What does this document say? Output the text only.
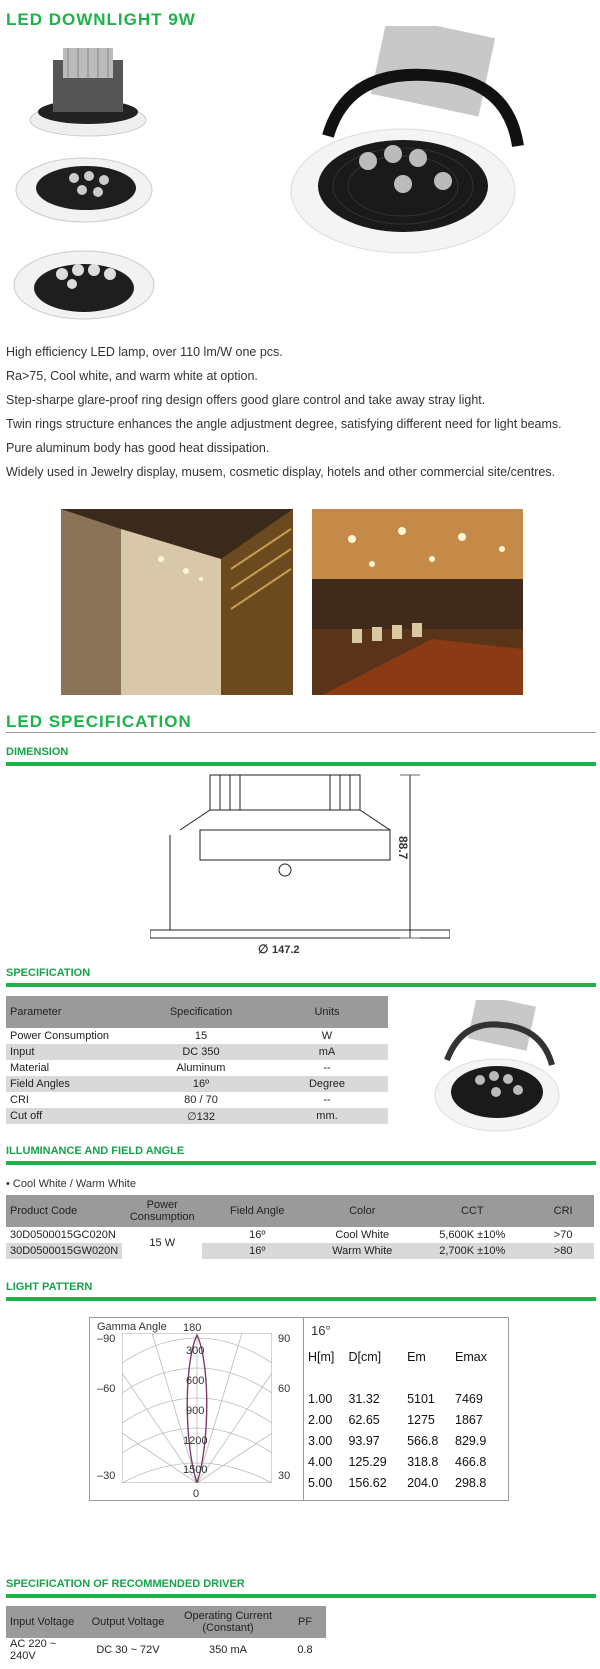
LED DOWNLIGHT 9W

High efficiency LED lamp, over 110 lm/W one pcs.

Ra>75, Cool white, and warm white at option.

Step-sharpe glare-proof ring design offers good glare control and take away stray light.

Twin rings structure enhances the angle adjustment degree, satisfying different need for light beams.

Pure aluminum body has good heat dissipation.

Widely used in Jewelry display, musem, cosmetic display, hotels and other commercial site/centres.

LED SPECIFICATION
DIMENSION
88.7
∅ 147.2
SPECIFICATION
Parameter	Specification	Units
Power Consumption	15	W
Input	DC 350	mA
Material	Aluminum	--
Field Angles	16º	Degree
CRI	80 / 70	--
Cut off	∅132	mm.
ILLUMINANCE AND FIELD ANGLE
• Cool White / Warm White
Product Code	Power Consumption	Field Angle	Color	CCT	CRI
30D0500015GC020N	15 W	16º	Cool White	5,600K ±10%	>70
30D0500015GW020N		16º	Warm White	2,700K ±10%	>80
LIGHT PATTERN
Gamma Angle
–90	90
–60	60
–30	30
180
0
300
600
900
1200
1500
16°
H[m]	D[cm]	Em	Emax
1.00	31.32	5101	7469
2.00	62.65	1275	1867
3.00	93.97	566.8	829.9
4.00	125.29	318.8	466.8
5.00	156.62	204.0	298.8
SPECIFICATION OF RECOMMENDED DRIVER
Input Voltage	Output Voltage	Operating Current (Constant)	PF
AC 220 ~ 240V	DC 30 ~ 72V	350 mA	0.8
